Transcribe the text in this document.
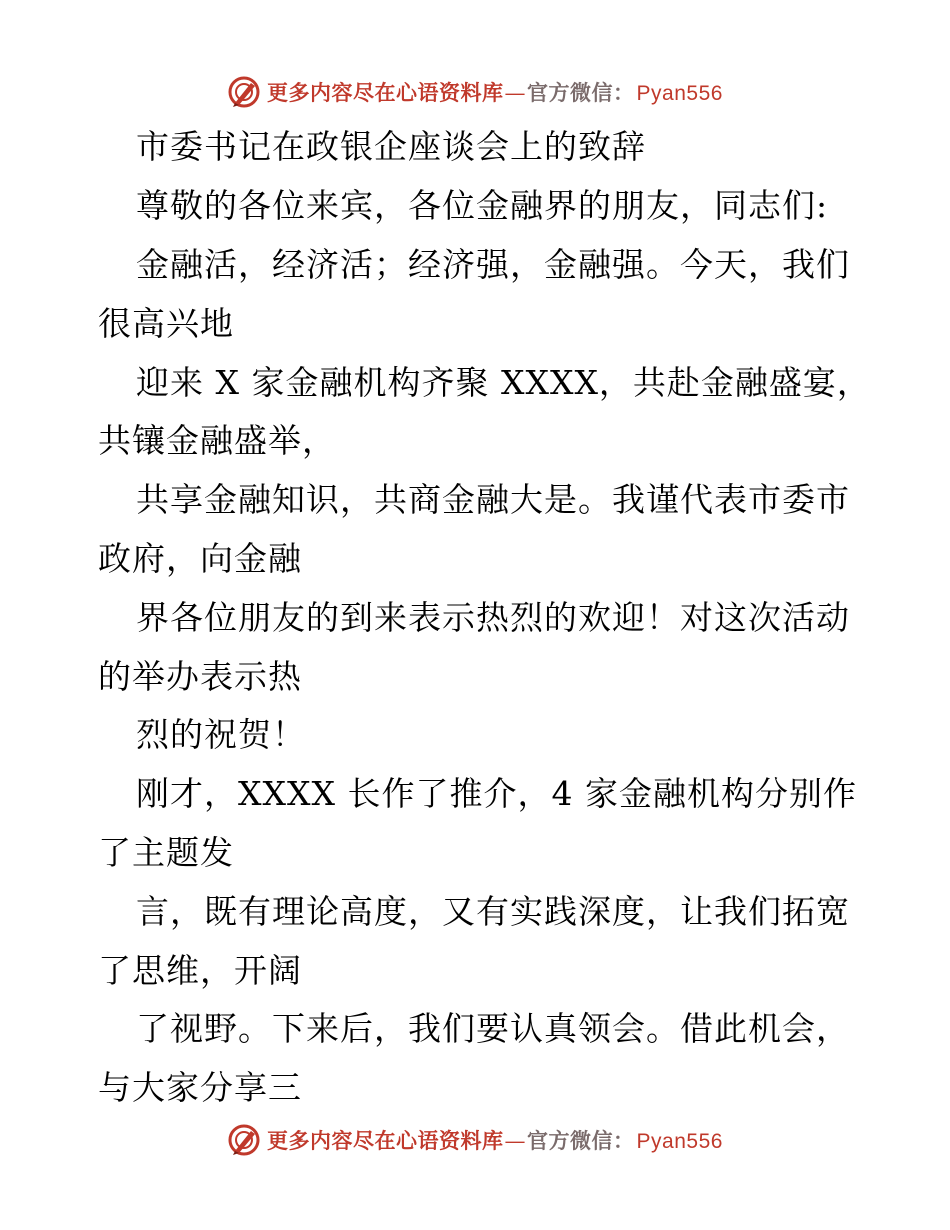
更多内容尽在心语资料库 — 官方微信： Pyan556
市委书记在政银企座谈会上的致辞
尊敬的各位来宾，各位金融界的朋友，同志们:
金融活，经济活；经济强，金融强。今天，我们
很高兴地
迎来 X 家金融机构齐聚 XXXX，共赴金融盛宴，
共镶金融盛举，
共享金融知识，共商金融大是。我谨代表市委市
政府，向金融
界各位朋友的到来表示热烈的欢迎！对这次活动
的举办表示热
烈的祝贺！
刚才，XXXX 长作了推介，4 家金融机构分别作
了主题发
言，既有理论高度，又有实践深度，让我们拓宽
了思维，开阔
了视野。下来后，我们要认真领会。借此机会，
与大家分享三
更多内容尽在心语资料库 — 官方微信： Pyan556
